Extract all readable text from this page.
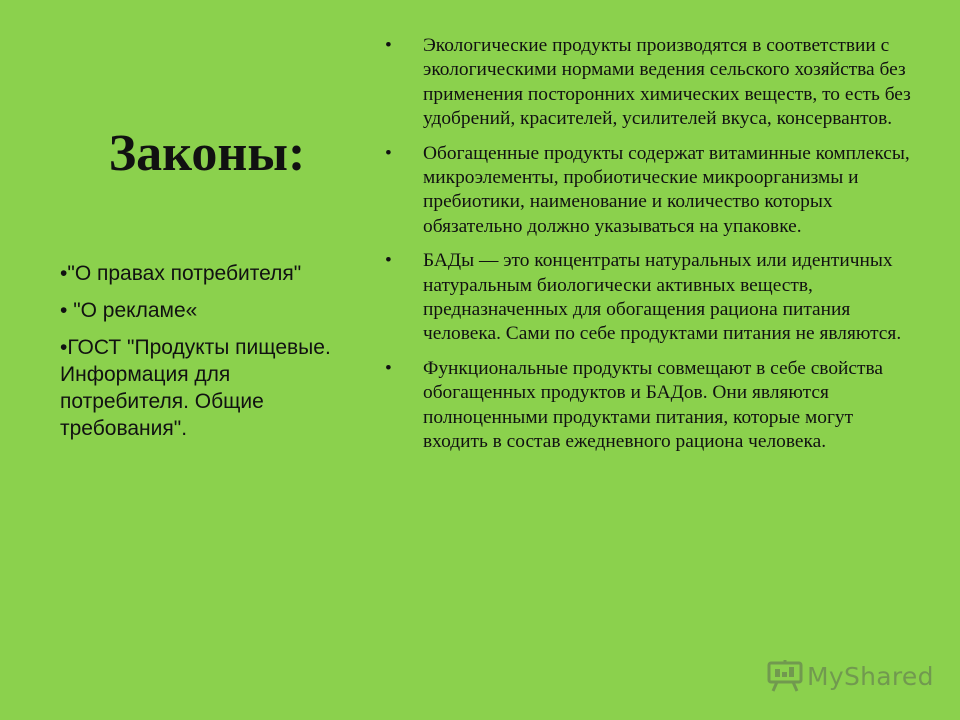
Законы:

•"О правах потребителя"

• "О рекламе«

•ГОСТ "Продукты пищевые. Информация для потребителя. Общие требования".

• Экологические продукты производятся в соответствии с экологическими нормами ведения сельского хозяйства без применения посторонних химических веществ, то есть без удобрений, красителей, усилителей вкуса, консервантов.
• Обогащенные продукты содержат витаминные комплексы, микроэлементы, пробиотические микроорганизмы и пребиотики, наименование и количество которых обязательно должно указываться на упаковке.
• БАДы — это концентраты натуральных или идентичных натуральным биологически активных веществ, предназначенных для обогащения рациона питания человека. Сами по себе продуктами питания не являются.
• Функциональные продукты совмещают в себе свойства обогащенных продуктов и БАДов. Они являются полноценными продуктами питания, которые могут входить в состав ежедневного рациона человека.
MyShared
